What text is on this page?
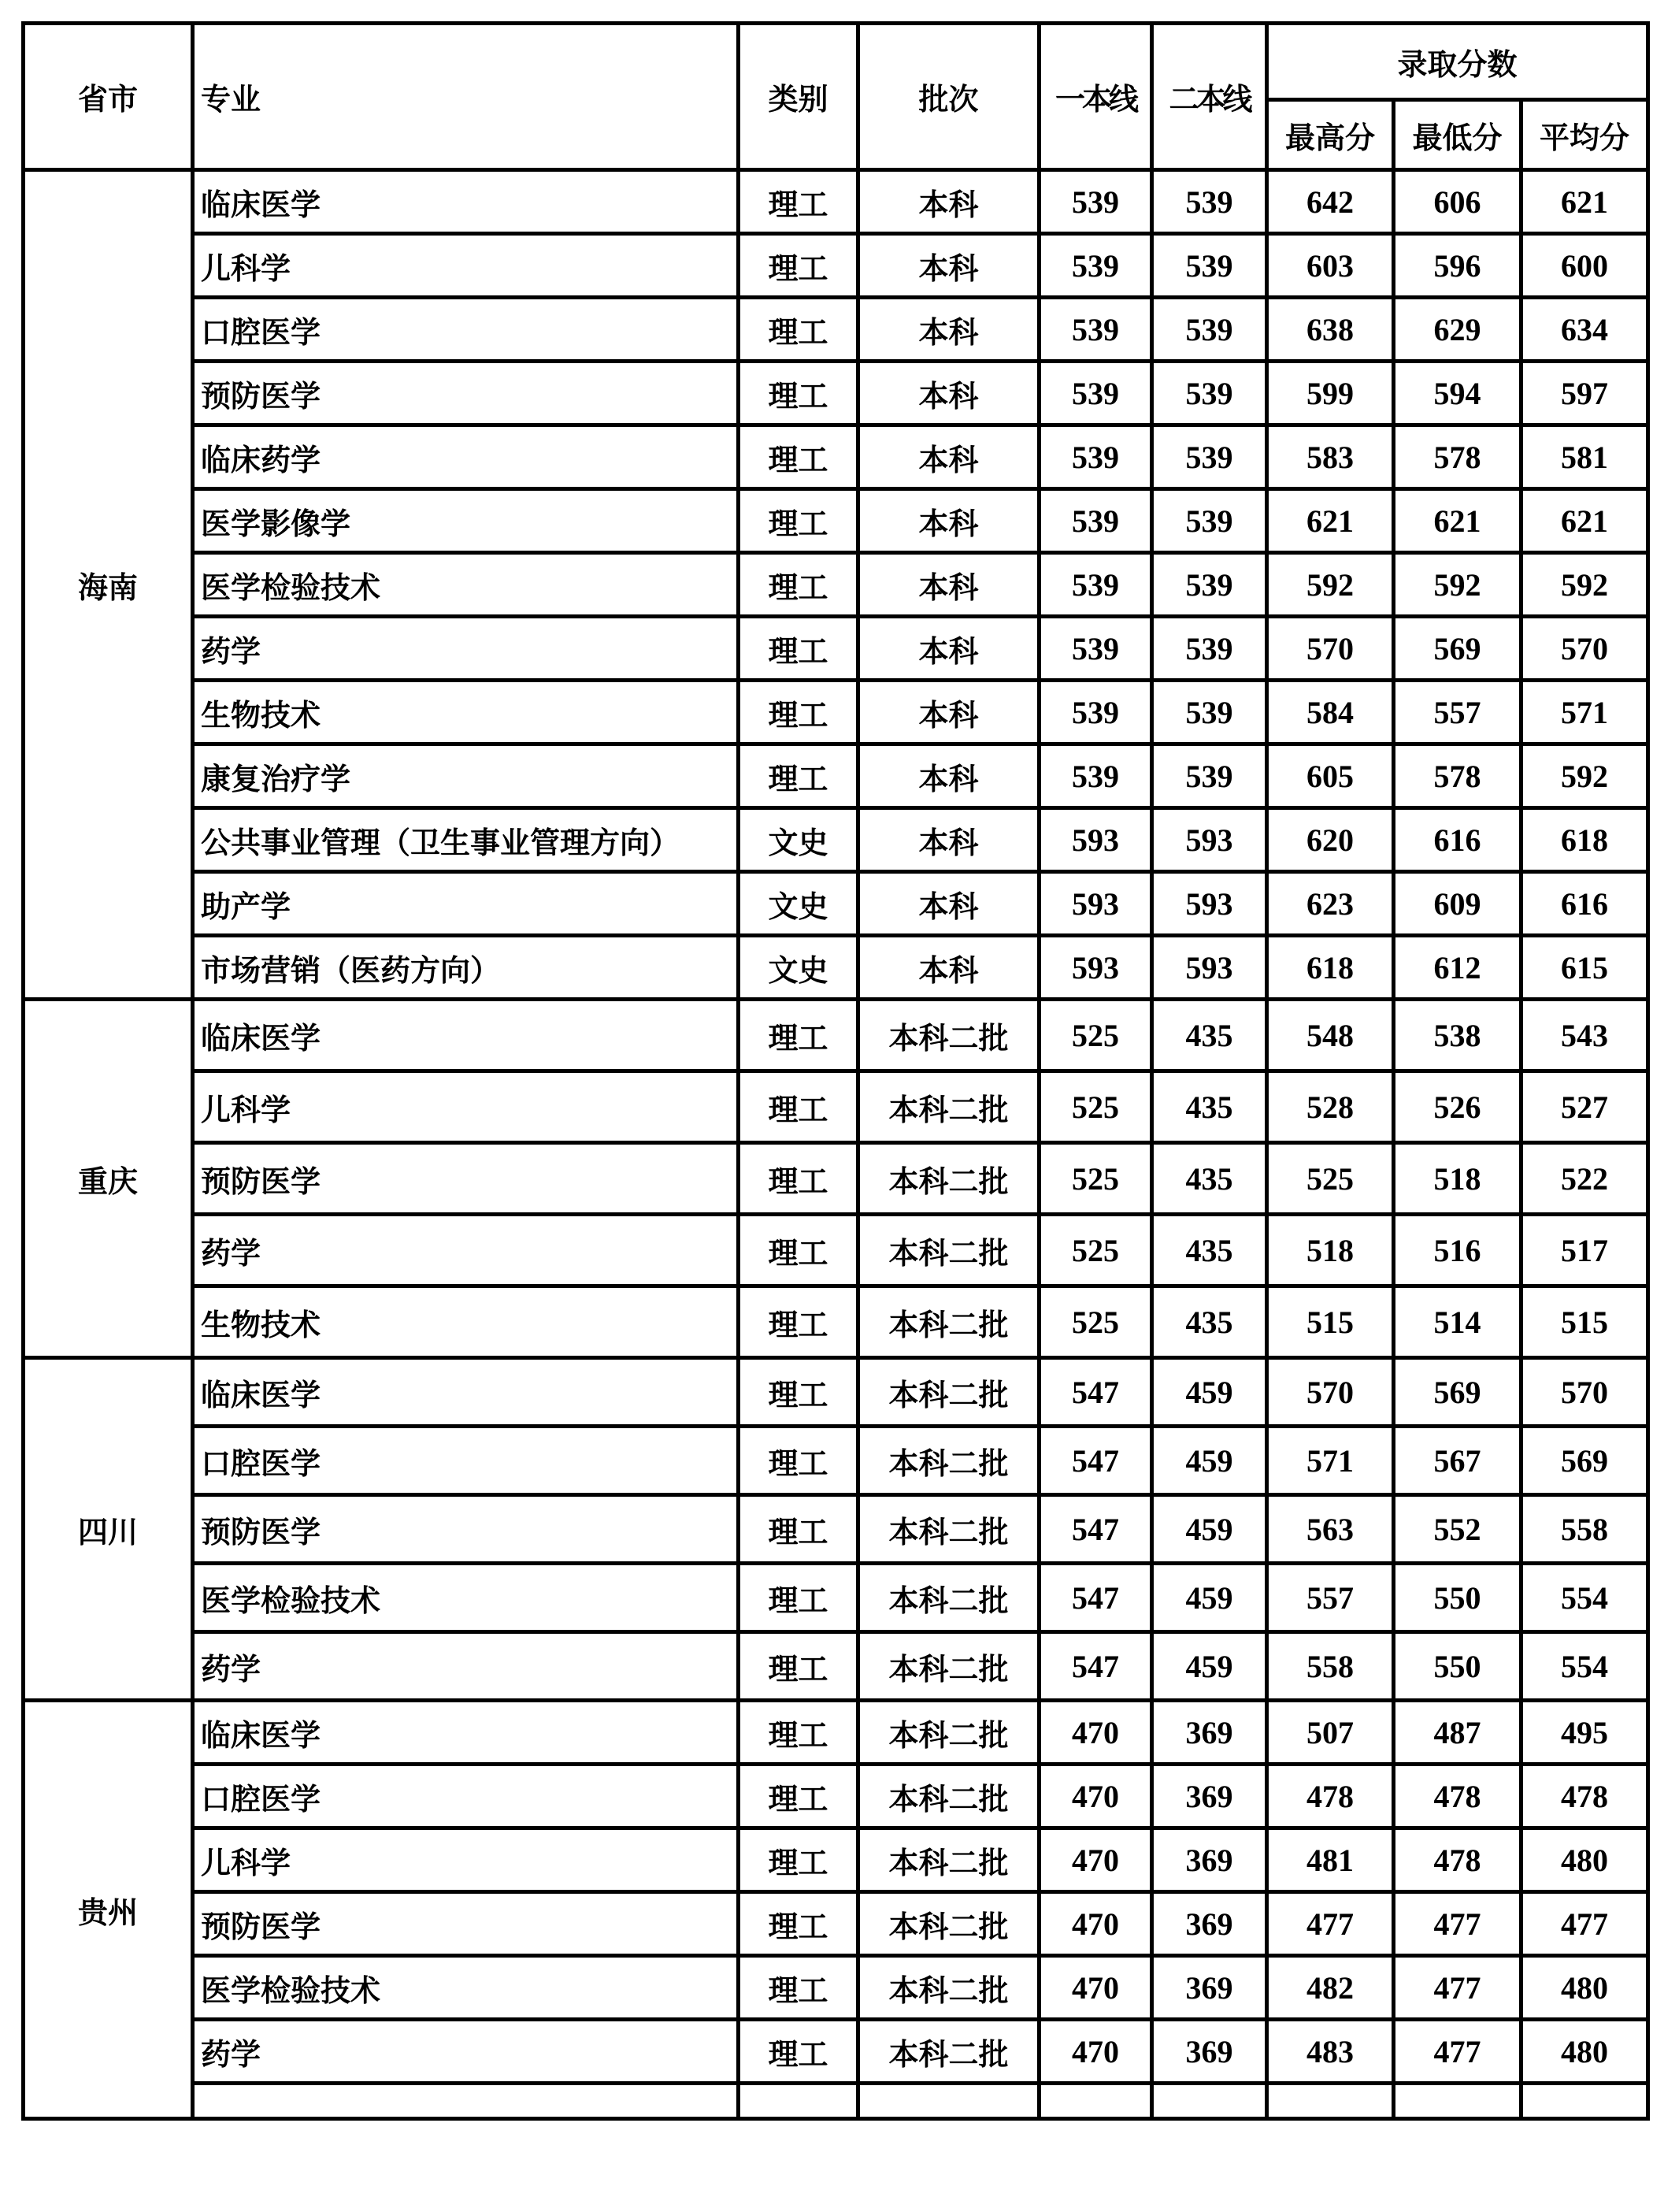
省市	专业	类别	批次	一本线	二本线	录取分数		
						最高分	最低分	平均分
海南	临床医学	理工	本科	539	539	642	606	621
	儿科学	理工	本科	539	539	603	596	600
	口腔医学	理工	本科	539	539	638	629	634
	预防医学	理工	本科	539	539	599	594	597
	临床药学	理工	本科	539	539	583	578	581
	医学影像学	理工	本科	539	539	621	621	621
	医学检验技术	理工	本科	539	539	592	592	592
	药学	理工	本科	539	539	570	569	570
	生物技术	理工	本科	539	539	584	557	571
	康复治疗学	理工	本科	539	539	605	578	592
	公共事业管理（卫生事业管理方向）	文史	本科	593	593	620	616	618
	助产学	文史	本科	593	593	623	609	616
	市场营销（医药方向）	文史	本科	593	593	618	612	615
重庆	临床医学	理工	本科二批	525	435	548	538	543
	儿科学	理工	本科二批	525	435	528	526	527
	预防医学	理工	本科二批	525	435	525	518	522
	药学	理工	本科二批	525	435	518	516	517
	生物技术	理工	本科二批	525	435	515	514	515
四川	临床医学	理工	本科二批	547	459	570	569	570
	口腔医学	理工	本科二批	547	459	571	567	569
	预防医学	理工	本科二批	547	459	563	552	558
	医学检验技术	理工	本科二批	547	459	557	550	554
	药学	理工	本科二批	547	459	558	550	554
贵州	临床医学	理工	本科二批	470	369	507	487	495
	口腔医学	理工	本科二批	470	369	478	478	478
	儿科学	理工	本科二批	470	369	481	478	480
	预防医学	理工	本科二批	470	369	477	477	477
	医学检验技术	理工	本科二批	470	369	482	477	480
	药学	理工	本科二批	470	369	483	477	480
